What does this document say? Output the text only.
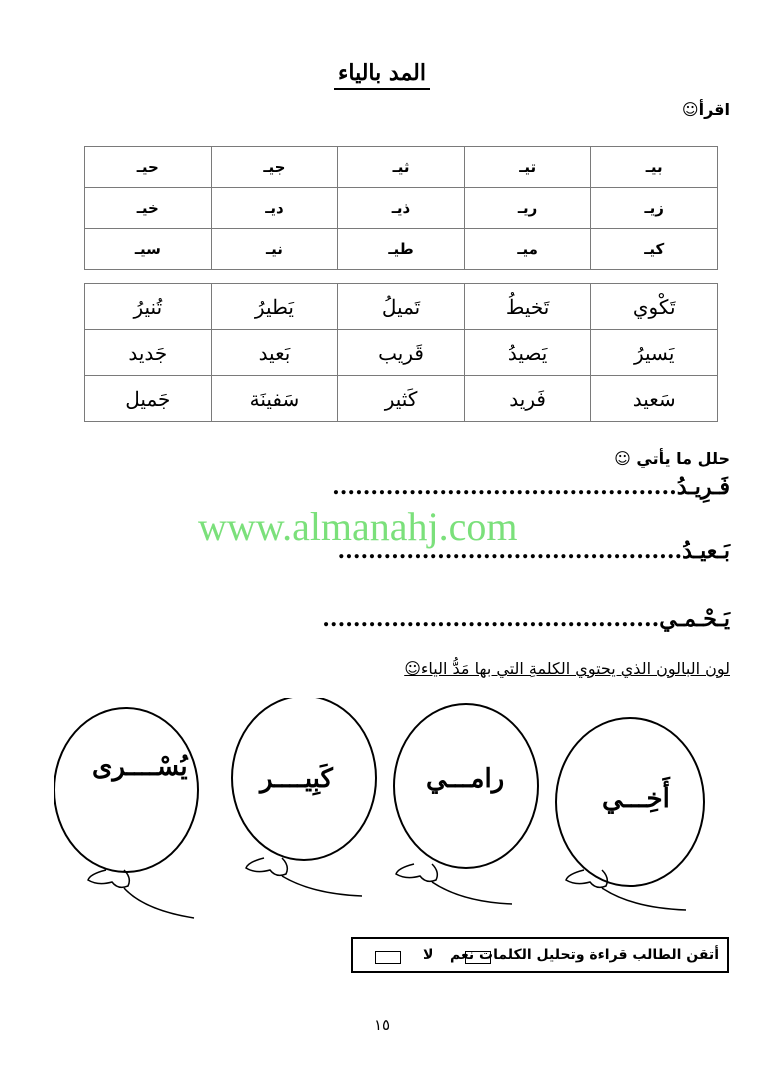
المد بالياء
اقرأ☺
بيـ	تيـ	ثيـ	جيـ	حيـ
زيـ	ريـ	ذيـ	ديـ	خيـ
كيـ	ميـ	طيـ	نيـ	سيـ
تَكْوي	تَخيطُ	تَميلُ	يَطيرُ	تُنيرُ
يَسيرُ	يَصيدُ	قَريب	بَعيد	جَديد
سَعيد	فَريد	كَثير	سَفينَة	جَميل
حلل ما يأتي ☺
فَـرِيـدُ.............................................
بَـعيـدُ.............................................
يَـحْـمـي............................................
www.almanahj.com
لون البالون الذي يحتوي الكلمةِ التي بها مَدُّ الياء☺
أَخِـــي
رامـــي
كَبِيــــر
يُسْــــرى
أتقن الطالب قراءة وتحليل الكلمات نعم
لا
١٥
